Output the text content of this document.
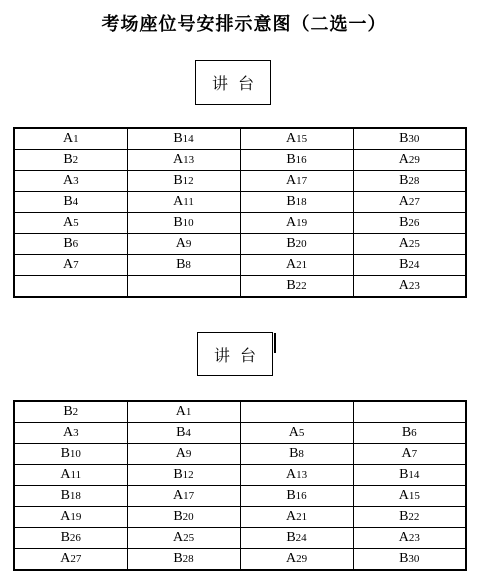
考场座位号安排示意图（二选一）
讲台
A1	B14	A15	B30
B2	A13	B16	A29
A3	B12	A17	B28
B4	A11	B18	A27
A5	B10	A19	B26
B6	A9	B20	A25
A7	B8	A21	B24
		B22	A23
讲台
B2	A1		
A3	B4	A5	B6
B10	A9	B8	A7
A11	B12	A13	B14
B18	A17	B16	A15
A19	B20	A21	B22
B26	A25	B24	A23
A27	B28	A29	B30
